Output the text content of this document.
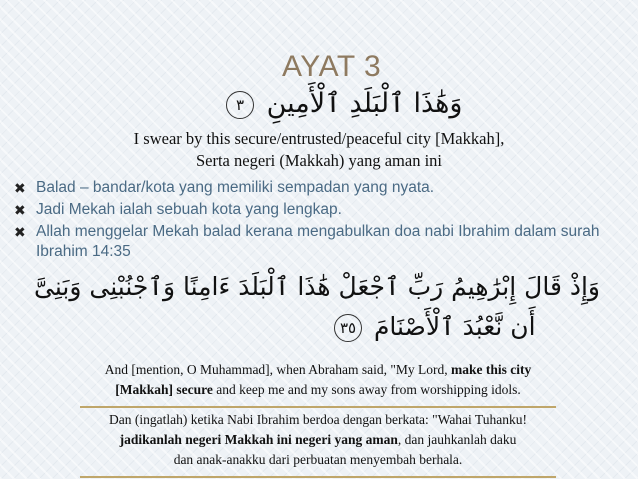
AYAT 3
وَهَٰذَا ٱلْبَلَدِ ٱلْأَمِينِ ٣
I swear by this secure/entrusted/peaceful city [Makkah],
Serta negeri (Makkah) yang aman ini
✖ Balad – bandar/kota yang memiliki sempadan yang nyata.
✖ Jadi Mekah ialah sebuah kota yang lengkap.
✖ Allah menggelar Mekah balad kerana mengabulkan doa nabi Ibrahim dalam surah Ibrahim 14:35
وَإِذْ قَالَ إِبْرَٰهِيمُ رَبِّ ٱجْعَلْ هَٰذَا ٱلْبَلَدَ ءَامِنًا وَٱجْنُبْنِى وَبَنِىَّ
أَن نَّعْبُدَ ٱلْأَصْنَامَ ٣٥
And [mention, O Muhammad], when Abraham said, "My Lord, make this city
[Makkah] secure and keep me and my sons away from worshipping idols.
Dan (ingatlah) ketika Nabi Ibrahim berdoa dengan berkata: "Wahai Tuhanku!
jadikanlah negeri Makkah ini negeri yang aman, dan jauhkanlah daku
dan anak-anakku dari perbuatan menyembah berhala.
